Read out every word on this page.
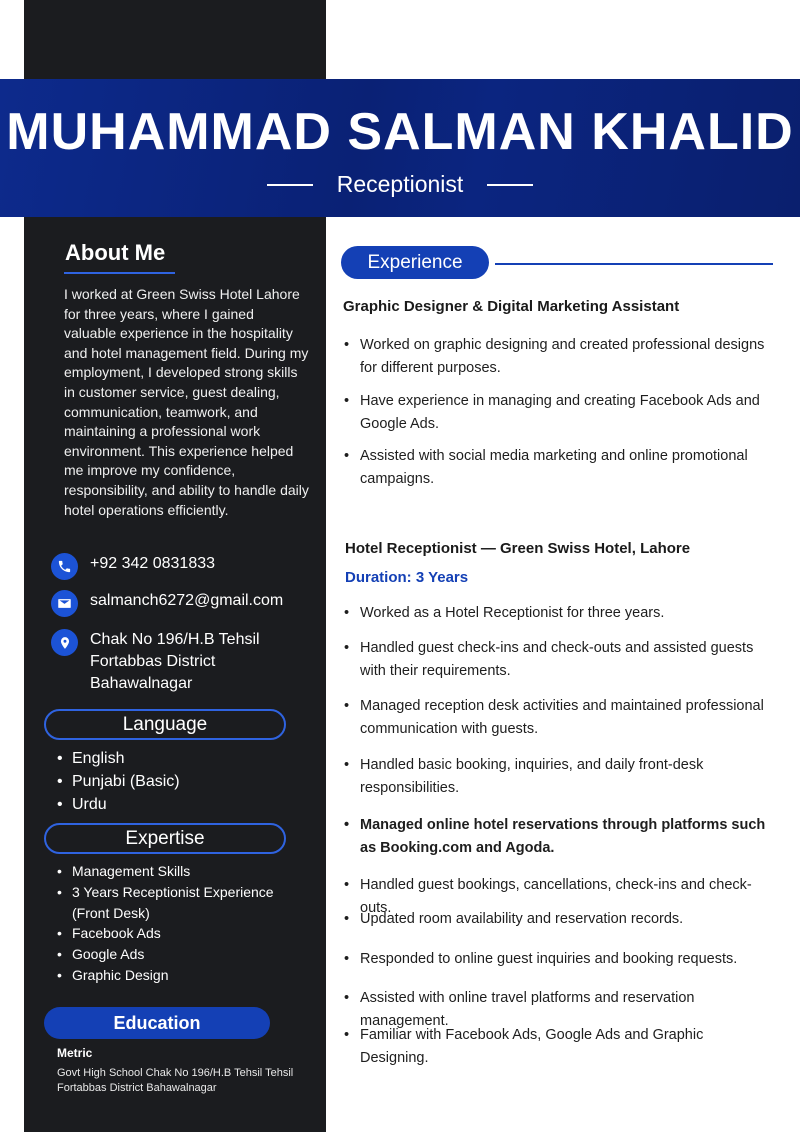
MUHAMMAD SALMAN KHALID
Receptionist
About Me
I worked at Green Swiss Hotel Lahore for three years, where I gained valuable experience in the hospitality and hotel management field. During my employment, I developed strong skills in customer service, guest dealing, communication, teamwork, and maintaining a professional work environment. This experience helped me improve my confidence, responsibility, and ability to handle daily hotel operations efficiently.
+92 342 0831833
salmanch6272@gmail.com
Chak No 196/H.B Tehsil Fortabbas District Bahawalnagar
Language
• English
• Punjabi (Basic)
• Urdu
Expertise
• Management Skills
• 3 Years Receptionist Experience (Front Desk)
• Facebook Ads
• Google Ads
• Graphic Design
Education
Metric
Govt High School Chak No 196/H.B Tehsil Tehsil Fortabbas District Bahawalnagar
Experience
Graphic Designer & Digital Marketing Assistant
• Worked on graphic designing and created professional designs for different purposes.
• Have experience in managing and creating Facebook Ads and Google Ads.
• Assisted with social media marketing and online promotional campaigns.
Hotel Receptionist — Green Swiss Hotel, Lahore
Duration: 3 Years
• Worked as a Hotel Receptionist for three years.
• Handled guest check-ins and check-outs and assisted guests with their requirements.
• Managed reception desk activities and maintained professional communication with guests.
• Handled basic booking, inquiries, and daily front-desk responsibilities.
• Managed online hotel reservations through platforms such as Booking.com and Agoda.
• Handled guest bookings, cancellations, check-ins and check-outs.
• Updated room availability and reservation records.
• Responded to online guest inquiries and booking requests.
• Assisted with online travel platforms and reservation management.
• Familiar with Facebook Ads, Google Ads and Graphic Designing.
